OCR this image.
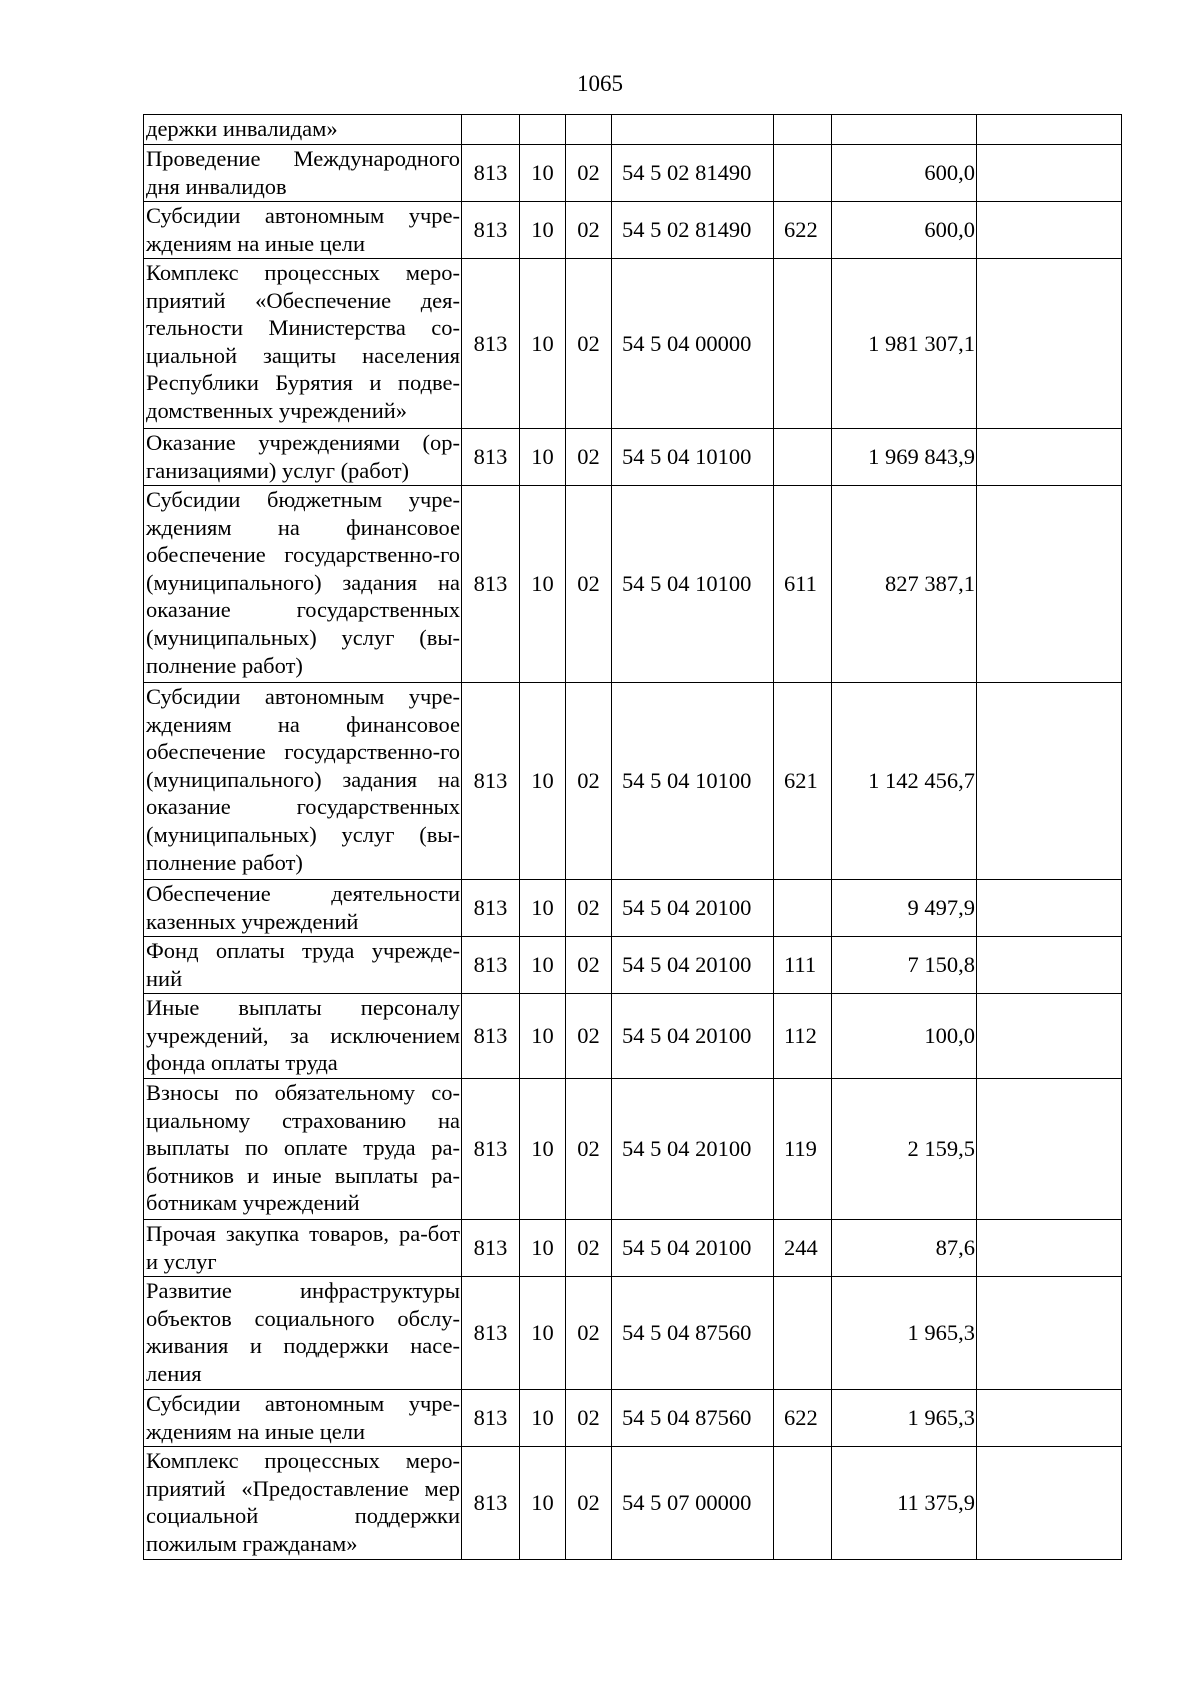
1065
держки инвалидам»							
Проведение Международного дня инвалидов	813	10	02	54 5 02 81490		600,0	
Субсидии автономным учре-ждениям на иные цели	813	10	02	54 5 02 81490	622	600,0	
Комплекс процессных меро-приятий «Обеспечение дея-тельности Министерства со-циальной защиты населения Республики Бурятия и подве-домственных учреждений»	813	10	02	54 5 04 00000		1 981 307,1	
Оказание учреждениями (ор-ганизациями) услуг (работ)	813	10	02	54 5 04 10100		1 969 843,9	
Субсидии бюджетным учре-ждениям на финансовое обеспечение государственно-го (муниципального) задания на оказание государственных (муниципальных) услуг (вы-полнение работ)	813	10	02	54 5 04 10100	611	827 387,1	
Субсидии автономным учре-ждениям на финансовое обеспечение государственно-го (муниципального) задания на оказание государственных (муниципальных) услуг (вы-полнение работ)	813	10	02	54 5 04 10100	621	1 142 456,7	
Обеспечение деятельности казенных учреждений	813	10	02	54 5 04 20100		9 497,9	
Фонд оплаты труда учрежде-ний	813	10	02	54 5 04 20100	111	7 150,8	
Иные выплаты персоналу учреждений, за исключением фонда оплаты труда	813	10	02	54 5 04 20100	112	100,0	
Взносы по обязательному со-циальному страхованию на выплаты по оплате труда ра-ботников и иные выплаты ра-ботникам учреждений	813	10	02	54 5 04 20100	119	2 159,5	
Прочая закупка товаров, ра-бот и услуг	813	10	02	54 5 04 20100	244	87,6	
Развитие инфраструктуры объектов социального обслу-живания и поддержки насе-ления	813	10	02	54 5 04 87560		1 965,3	
Субсидии автономным учре-ждениям на иные цели	813	10	02	54 5 04 87560	622	1 965,3	
Комплекс процессных меро-приятий «Предоставление мер социальной поддержки пожилым гражданам»	813	10	02	54 5 07 00000		11 375,9	
